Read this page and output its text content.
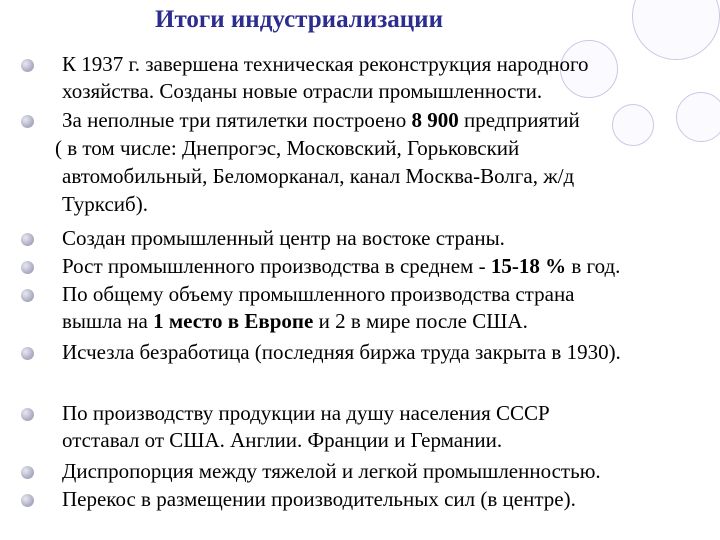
Итоги индустриализации
К 1937 г. завершена техническая реконструкция народного
хозяйства. Созданы новые отрасли промышленности.
За неполные три пятилетки построено 8 900 предприятий
Создан промышленный центр на востоке страны.
Рост промышленного производства в среднем - 15-18 % в год.
По общему объему промышленного производства страна
вышла на 1 место в Европе и 2 в мире после США.
Исчезла безработица (последняя биржа труда закрыта в 1930).
По производству продукции на душу населения СССР
отставал от США. Англии. Франции и Германии.
Диспропорция между тяжелой и легкой промышленностью.
Перекос в размещении производительных сил (в центре).
( в том числе: Днепрогэс, Московский, Горьковский
автомобильный, Беломорканал, канал Москва-Волга, ж/д
Турксиб).
